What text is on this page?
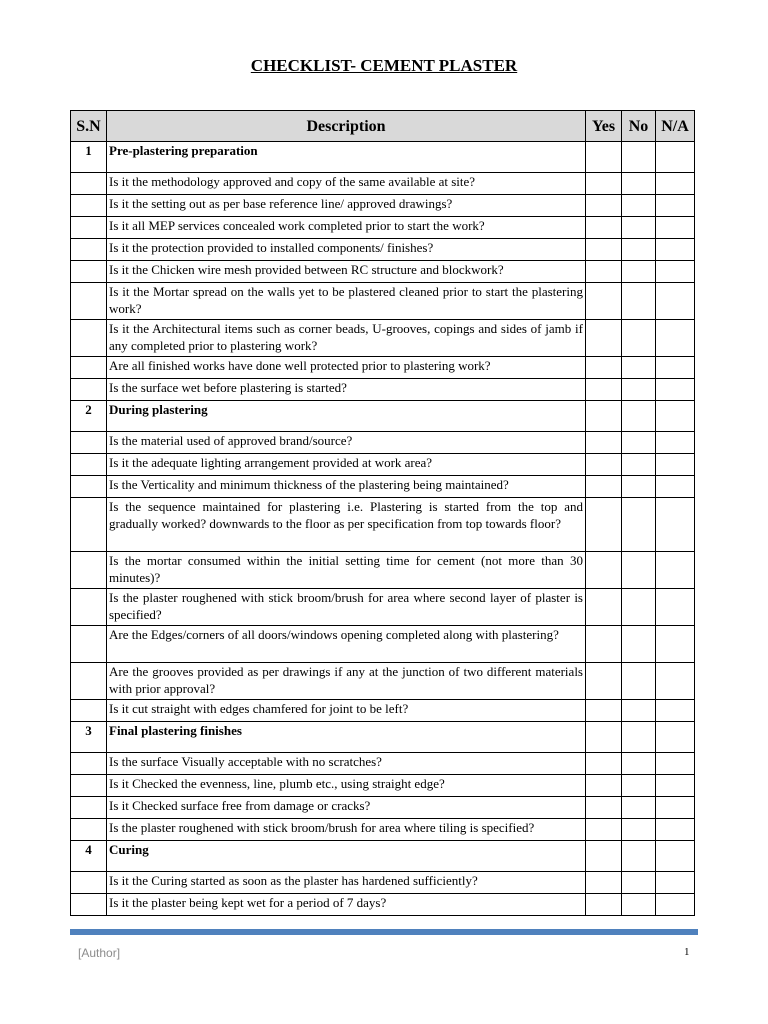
CHECKLIST- CEMENT PLASTER
S.N	Description	Yes	No	N/A
1	Pre-plastering preparation			
	Is it the methodology approved and copy of the same available at site?			
	Is it the setting out as per base reference line/ approved drawings?			
	Is it all MEP services concealed work completed prior to start the work?			
	Is it the protection provided to installed components/ finishes?			
	Is it the Chicken wire mesh provided between RC structure and blockwork?			
	Is it the Mortar spread on the walls yet to be plastered cleaned prior to start the plastering work?			
	Is it the Architectural items such as corner beads, U-grooves, copings and sides of jamb if any completed prior to plastering work?			
	Are all finished works have done well protected prior to plastering work?			
	Is the surface wet before plastering is started?			
2	During plastering			
	Is the material used of approved brand/source?			
	Is it the adequate lighting arrangement provided at work area?			
	Is the Verticality and minimum thickness of the plastering being maintained?			
	Is the sequence maintained for plastering i.e. Plastering is started from the top and gradually worked? downwards to the floor as per specification from top towards floor?			
	Is the mortar consumed within the initial setting time for cement (not more than 30 minutes)?			
	Is the plaster roughened with stick broom/brush for area where second layer of plaster is specified?			
	Are the Edges/corners of all doors/windows opening completed along with plastering?			
	Are the grooves provided as per drawings if any at the junction of two different materials with prior approval?			
	Is it cut straight with edges chamfered for joint to be left?			
3	Final plastering finishes			
	Is the surface Visually acceptable with no scratches?			
	Is it Checked the evenness, line, plumb etc., using straight edge?			
	Is it Checked surface free from damage or cracks?			
	Is the plaster roughened with stick broom/brush for area where tiling is specified?			
4	Curing			
	Is it the Curing started as soon as the plaster has hardened sufficiently?			
	Is it the plaster being kept wet for a period of 7 days?			
[Author]	1
